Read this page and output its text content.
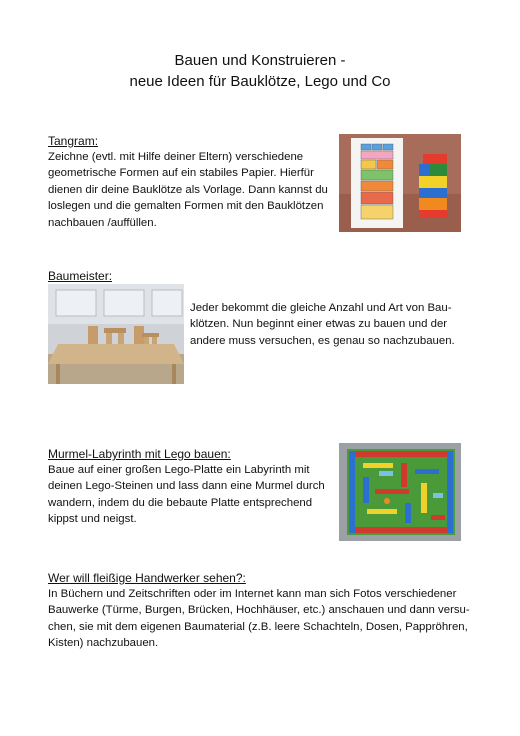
Bauen und Konstruieren -
neue Ideen für Bauklötze, Lego und Co
Tangram:
Zeichne (evtl. mit Hilfe deiner Eltern) verschiedene
geometrische Formen auf ein stabiles Papier. Hierfür
dienen dir deine Bauklötze als Vorlage. Dann kannst du
loslegen und die gemalten Formen mit den Bauklötzen
nachbauen /auffüllen.
Baumeister:
Jeder bekommt die gleiche Anzahl und Art von Bau-
klötzen. Nun beginnt einer etwas zu bauen und der
andere muss versuchen, es genau so nachzubauen.
Murmel-Labyrinth mit Lego bauen:
Baue auf einer großen Lego-Platte ein Labyrinth mit
deinen Lego-Steinen und lass dann eine Murmel durch
wandern, indem du die bebaute Platte entsprechend
kippst und neigst.
Wer will fleißige Handwerker sehen?:
In Büchern und Zeitschriften oder im Internet kann man sich Fotos verschiedener
Bauwerke (Türme, Burgen, Brücken, Hochhäuser, etc.) anschauen und dann versu-
chen, sie mit dem eigenen Baumaterial (z.B. leere Schachteln, Dosen, Pappröhren,
Kisten) nachzubauen.
